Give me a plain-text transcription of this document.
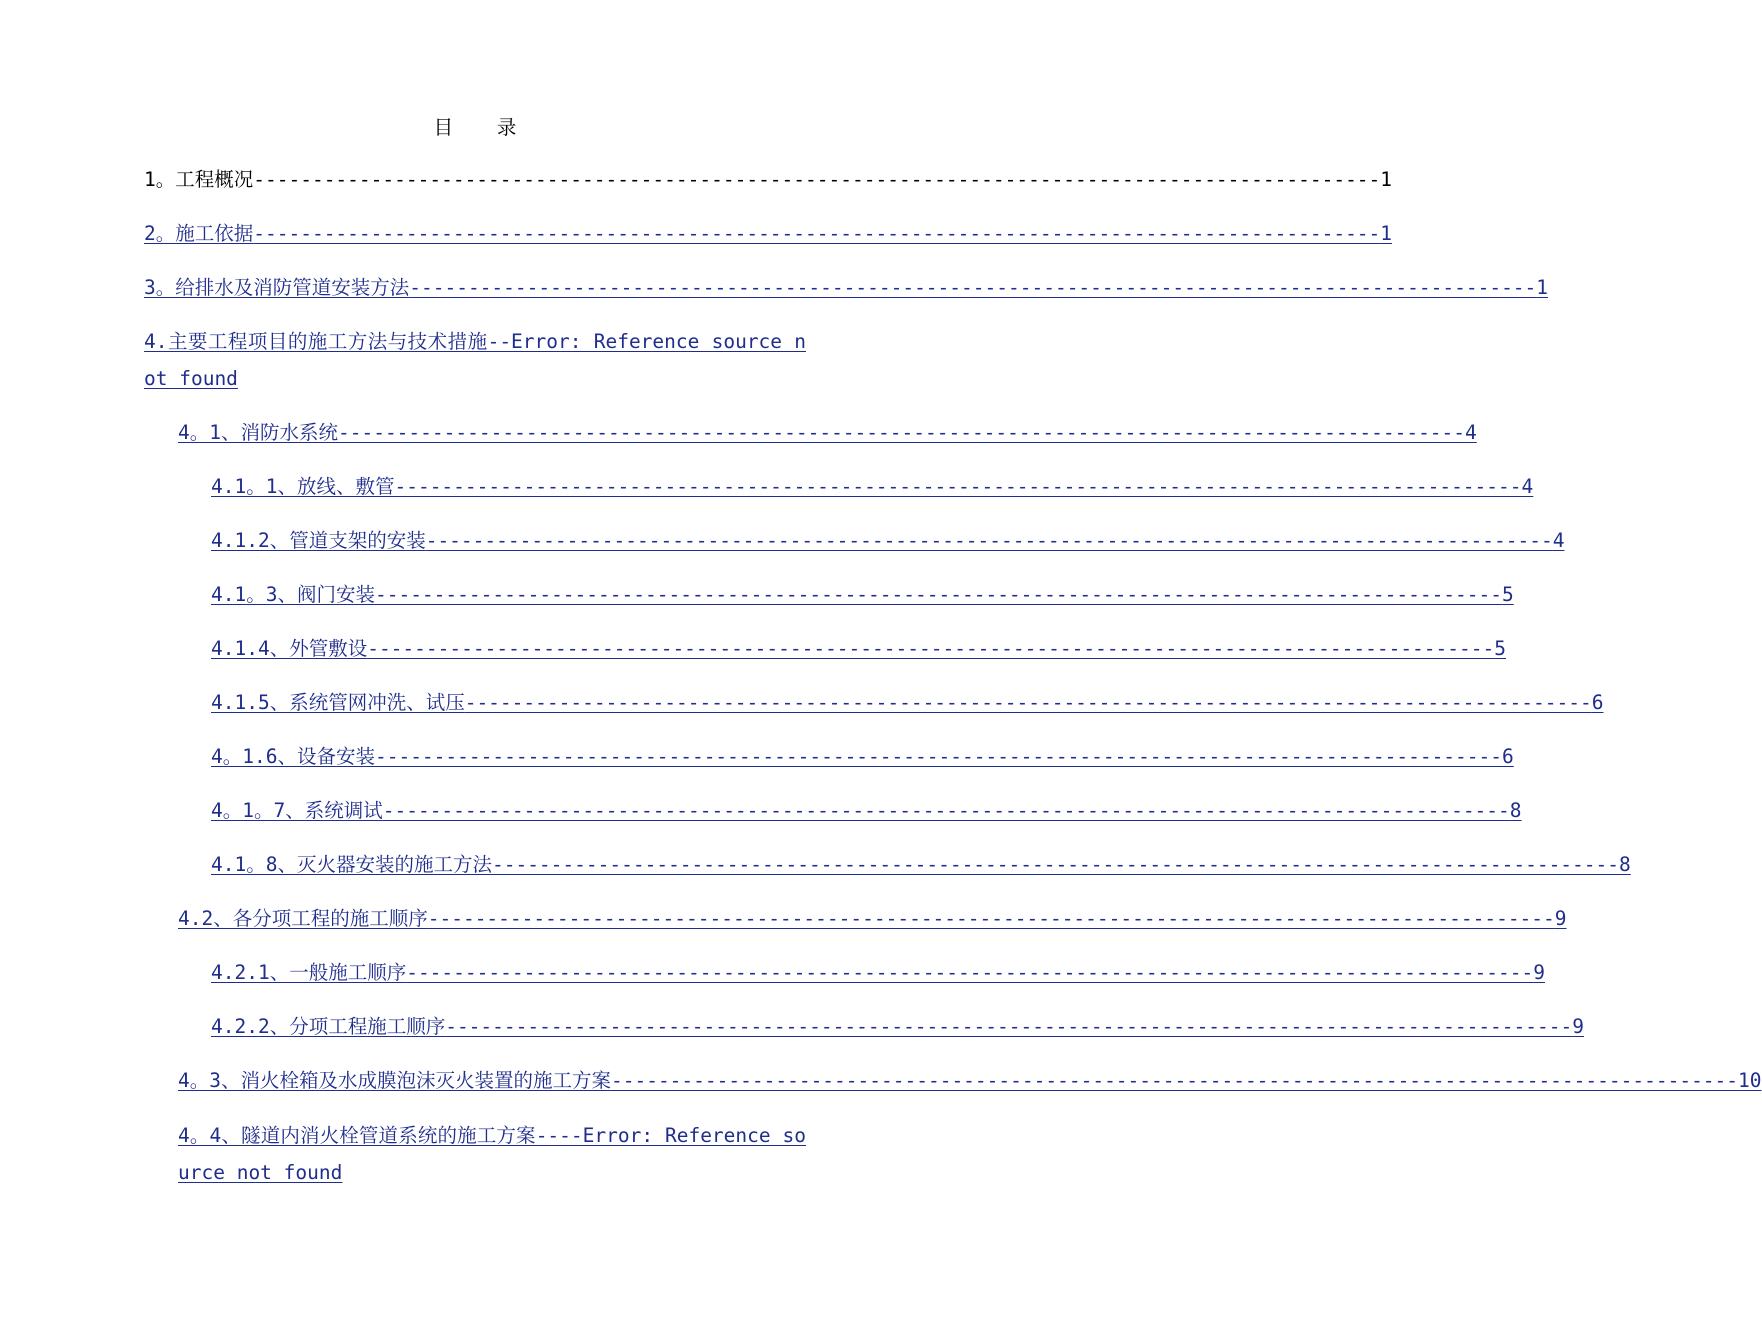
目 录
1。工程概况 ------------------------------------------------------------------------------------------------ 1
2。施工依据 ------------------------------------------------------------------------------------------------ 1
3。给排水及消防管道安装方法 ------------------------------------------------------------------------------------------------ 1
4.主要工程项目的施工方法与技术措施--Error: Reference source not found
4。1、消防水系统 ------------------------------------------------------------------------------------------------ 4
4.1。1、放线、敷管 ------------------------------------------------------------------------------------------------ 4
4.1.2、管道支架的安装 ------------------------------------------------------------------------------------------------ 4
4.1。3、阀门安装 ------------------------------------------------------------------------------------------------ 5
4.1.4、外管敷设 ------------------------------------------------------------------------------------------------ 5
4.1.5、系统管网冲洗、试压 ------------------------------------------------------------------------------------------------ 6
4。1.6、设备安装 ------------------------------------------------------------------------------------------------ 6
4。1。7、系统调试 ------------------------------------------------------------------------------------------------ 8
4.1。8、灭火器安装的施工方法 ------------------------------------------------------------------------------------------------ 8
4.2、各分项工程的施工顺序 ------------------------------------------------------------------------------------------------ 9
4.2.1、一般施工顺序 ------------------------------------------------------------------------------------------------ 9
4.2.2、分项工程施工顺序 ------------------------------------------------------------------------------------------------ 9
4。3、消火栓箱及水成膜泡沫灭火装置的施工方案 ------------------------------------------------------------------------------------------------ 10
4。4、隧道内消火栓管道系统的施工方案----Error: Reference source not found
